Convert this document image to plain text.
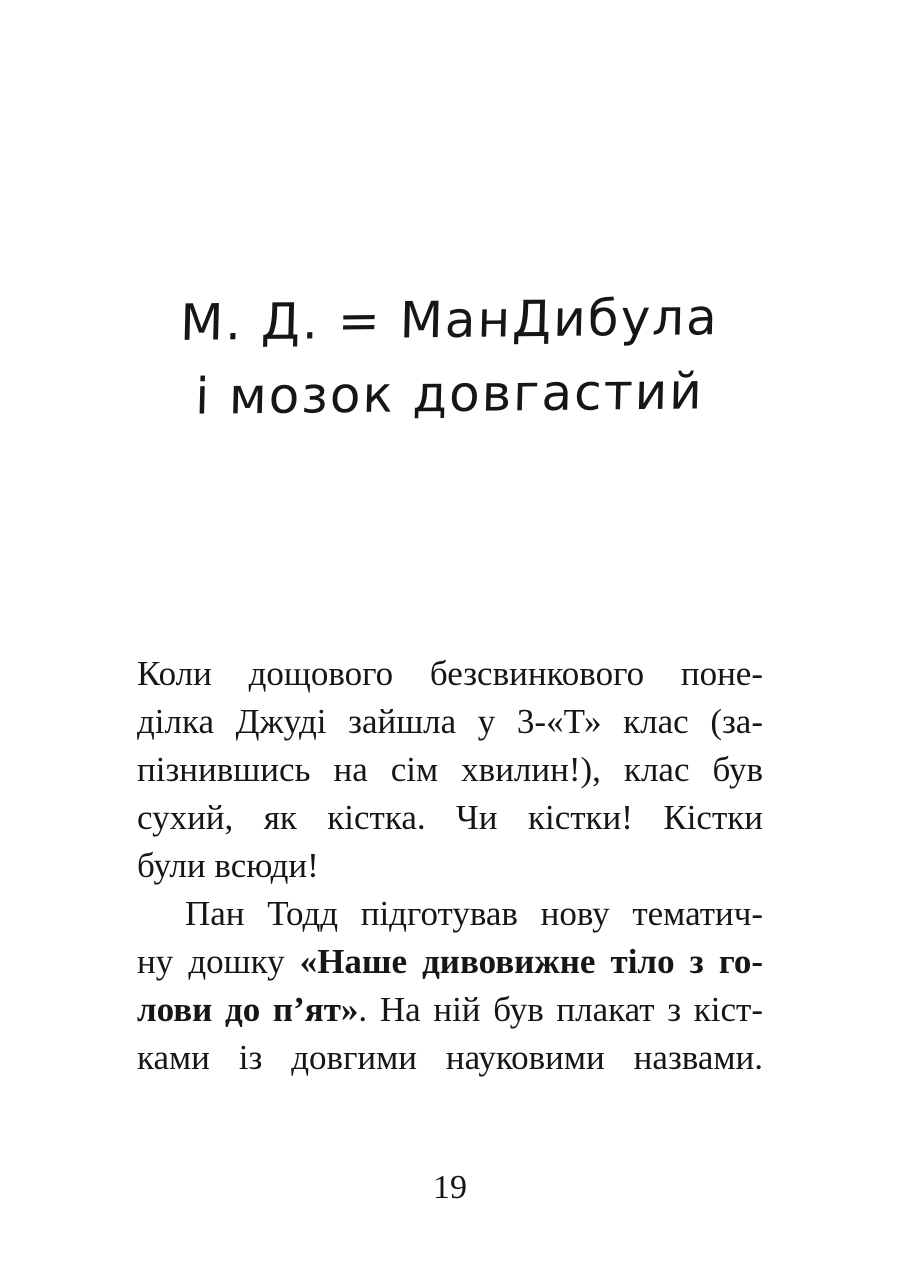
М. Д. = МанДибула
і мозок довгастий
Коли дощового безсвинкового поне-
ділка Джуді зайшла у 3-«Т» клас (за-
пізнившись на сім хвилин!), клас був
сухий, як кістка. Чи кістки! Кістки
були всюди!
Пан Тодд підготував нову тематич-
ну дошку «Наше дивовижне тіло з го-
лови до п’ят». На ній був плакат з кіст-
ками із довгими науковими назвами.
19
